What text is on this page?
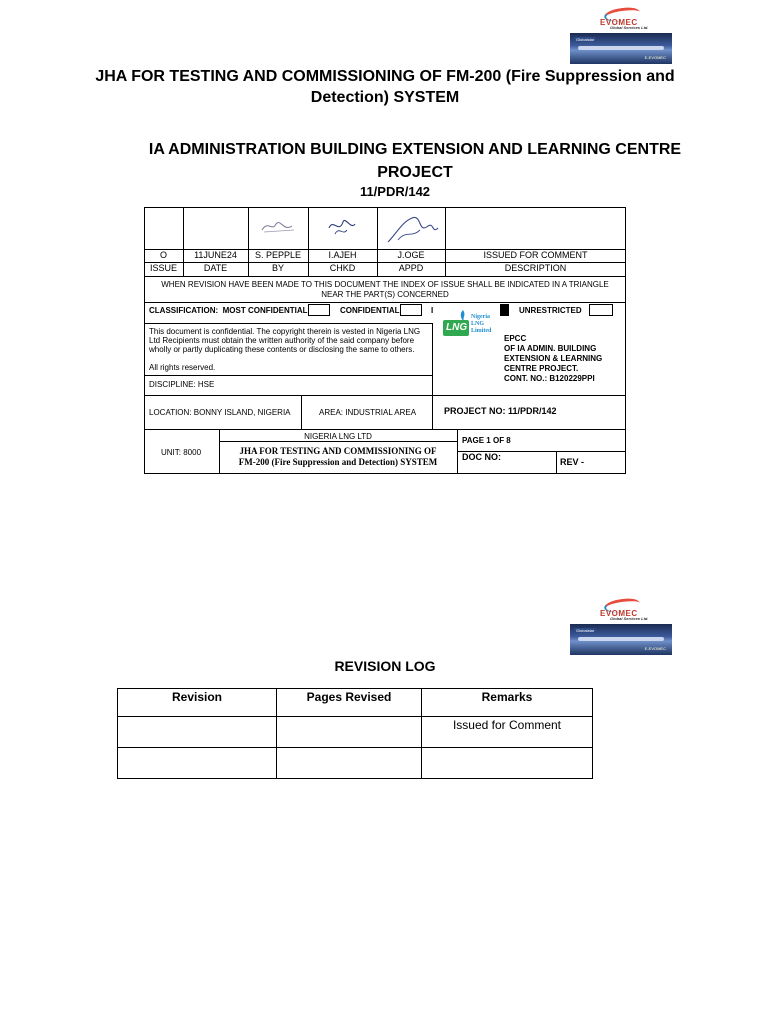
EVOMEC
Global Services Ltd.
Globalstar
E-EVOMEC
JHA FOR TESTING AND COMMISSIONING OF FM-200 (Fire Suppression and Detection) SYSTEM
IA ADMINISTRATION BUILDING EXTENSION AND LEARNING CENTRE PROJECT
11/PDR/142
O	11JUNE24	S. PEPPLE	I.AJEH	J.OGE	ISSUED FOR COMMENT
ISSUE	DATE	BY	CHKD	APPD	DESCRIPTION
WHEN REVISION HAVE BEEN MADE TO THIS DOCUMENT THE INDEX OF ISSUE SHALL BE INDICATED IN A TRIANGLE NEAR THE PART(S) CONCERNED
CLASSIFICATION: MOST CONFIDENTIAL	CONFIDENTIAL	I	UNRESTRICTED
This document is confidential. The copyright therein is vested in Nigeria LNG Ltd Recipients must obtain the written authority of the said company before wholly or partly duplicating these contents or disclosing the same to others.
All rights reserved.
LNG
Nigeria
LNG
Limited
EPCC
OF IA ADMIN. BUILDING
EXTENSION & LEARNING
CENTRE PROJECT.
CONT. NO.: B120229PPI
DISCIPLINE: HSE
LOCATION: BONNY ISLAND, NIGERIA	AREA: INDUSTRIAL AREA	PROJECT NO: 11/PDR/142
UNIT: 8000
NIGERIA LNG LTD
JHA FOR TESTING AND COMMISSIONING OF
FM-200 (Fire Suppression and Detection) SYSTEM
PAGE 1 OF 8
DOC NO:	REV -
EVOMEC
Global Services Ltd.
Globalstar
E-EVOMEC
REVISION LOG
Revision	Pages Revised	Remarks
		Issued for Comment
